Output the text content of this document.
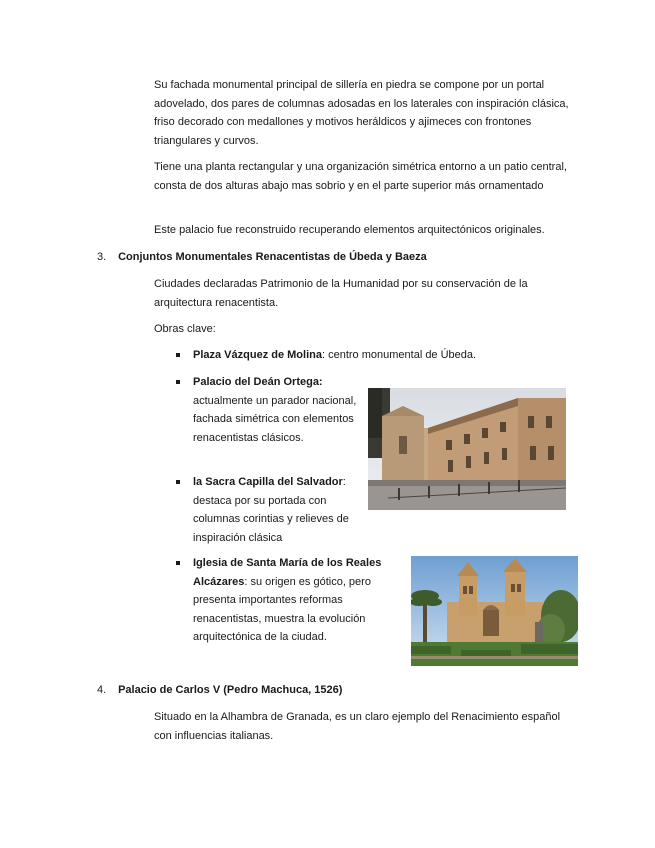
Su fachada monumental principal de sillería en piedra se compone por un portal adovelado, dos pares de columnas adosadas en los laterales con inspiración clásica, friso decorado con medallones y motivos heráldicos y ajimeces con frontones triangulares y curvos.

Tiene una planta rectangular y una organización simétrica entorno a un patio central, consta de dos alturas abajo mas sobrio y en el parte superior más ornamentado

Este palacio fue reconstruido recuperando elementos arquitectónicos originales.

3. Conjuntos Monumentales Renacentistas de Úbeda y Baeza

Ciudades declaradas Patrimonio de la Humanidad por su conservación de la arquitectura renacentista.

Obras clave:

Plaza Vázquez de Molina: centro monumental de Úbeda.

Palacio del Deán Ortega: actualmente un parador nacional, fachada simétrica con elementos renacentistas clásicos.

la Sacra Capilla del Salvador: destaca por su portada con columnas corintias y relieves de inspiración clásica

Iglesia de Santa María de los Reales Alcázares: su origen es gótico, pero presenta importantes reformas renacentistas, muestra la evolución arquitectónica de la ciudad.

4. Palacio de Carlos V (Pedro Machuca, 1526)

Situado en la Alhambra de Granada, es un claro ejemplo del Renacimiento español con influencias italianas.
